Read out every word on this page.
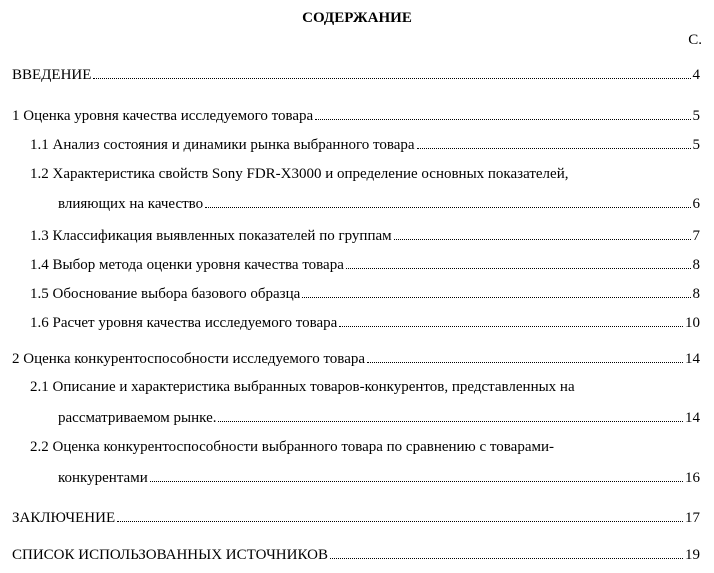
СОДЕРЖАНИЕ
С.
ВВЕДЕНИЕ	4
1 Оценка уровня качества исследуемого товара	5
1.1 Анализ состояния и динамики рынка выбранного товара	5
1.2 Характеристика свойств Sony FDR-X3000 и определение основных показателей,
влияющих на качество	6
1.3 Классификация выявленных показателей по группам	7
1.4 Выбор метода оценки уровня качества товара	8
1.5 Обоснование выбора базового образца	8
1.6 Расчет уровня качества исследуемого товара	10
2 Оценка конкурентоспособности исследуемого товара	14
2.1 Описание и характеристика выбранных товаров-конкурентов, представленных на
рассматриваемом рынке.	14
2.2 Оценка конкурентоспособности выбранного товара по сравнению с товарами-
конкурентами	16
ЗАКЛЮЧЕНИЕ	17
СПИСОК ИСПОЛЬЗОВАННЫХ ИСТОЧНИКОВ	19
